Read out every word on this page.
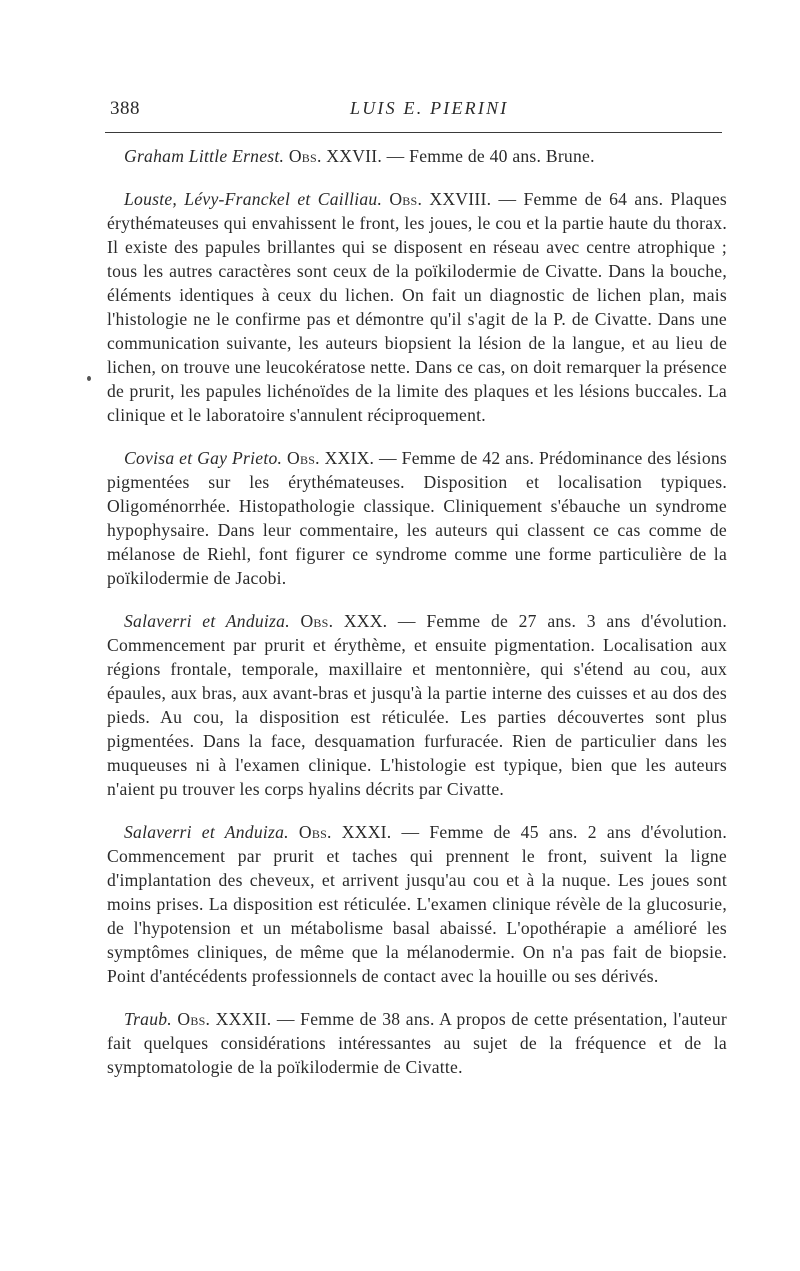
388	LUIS E. PIERINI

Graham Little Ernest. Obs. XXVII. — Femme de 40 ans. Brune.

Louste, Lévy-Franckel et Cailliau. Obs. XXVIII. — Femme de 64 ans. Plaques érythémateuses qui envahissent le front, les joues, le cou et la partie haute du thorax. Il existe des papules brillantes qui se disposent en réseau avec centre atrophique ; tous les autres caractères sont ceux de la poïkilodermie de Civatte. Dans la bouche, éléments identiques à ceux du lichen. On fait un diagnostic de lichen plan, mais l'histologie ne le confirme pas et démontre qu'il s'agit de la P. de Civatte. Dans une communication suivante, les auteurs biopsient la lésion de la langue, et au lieu de lichen, on trouve une leucokératose nette. Dans ce cas, on doit remarquer la présence de prurit, les papules lichénoïdes de la limite des plaques et les lésions buccales. La clinique et le laboratoire s'annulent réciproquement.

Covisa et Gay Prieto. Obs. XXIX. — Femme de 42 ans. Prédominance des lésions pigmentées sur les érythémateuses. Disposition et localisation typiques. Oligoménorrhée. Histopathologie classique. Cliniquement s'ébauche un syndrome hypophysaire. Dans leur commentaire, les auteurs qui classent ce cas comme de mélanose de Riehl, font figurer ce syndrome comme une forme particulière de la poïkilodermie de Jacobi.

Salaverri et Anduiza. Obs. XXX. — Femme de 27 ans. 3 ans d'évolution. Commencement par prurit et érythème, et ensuite pigmentation. Localisation aux régions frontale, temporale, maxillaire et mentonnière, qui s'étend au cou, aux épaules, aux bras, aux avant-bras et jusqu'à la partie interne des cuisses et au dos des pieds. Au cou, la disposition est réticulée. Les parties découvertes sont plus pigmentées. Dans la face, desquamation furfuracée. Rien de particulier dans les muqueuses ni à l'examen clinique. L'histologie est typique, bien que les auteurs n'aient pu trouver les corps hyalins décrits par Civatte.

Salaverri et Anduiza. Obs. XXXI. — Femme de 45 ans. 2 ans d'évolution. Commencement par prurit et taches qui prennent le front, suivent la ligne d'implantation des cheveux, et arrivent jusqu'au cou et à la nuque. Les joues sont moins prises. La disposition est réticulée. L'examen clinique révèle de la glucosurie, de l'hypotension et un métabolisme basal abaissé. L'opothérapie a amélioré les symptômes cliniques, de même que la mélanodermie. On n'a pas fait de biopsie. Point d'antécédents professionnels de contact avec la houille ou ses dérivés.

Traub. Obs. XXXII. — Femme de 38 ans. A propos de cette présentation, l'auteur fait quelques considérations intéressantes au sujet de la fréquence et de la symptomatologie de la poïkilodermie de Civatte.
